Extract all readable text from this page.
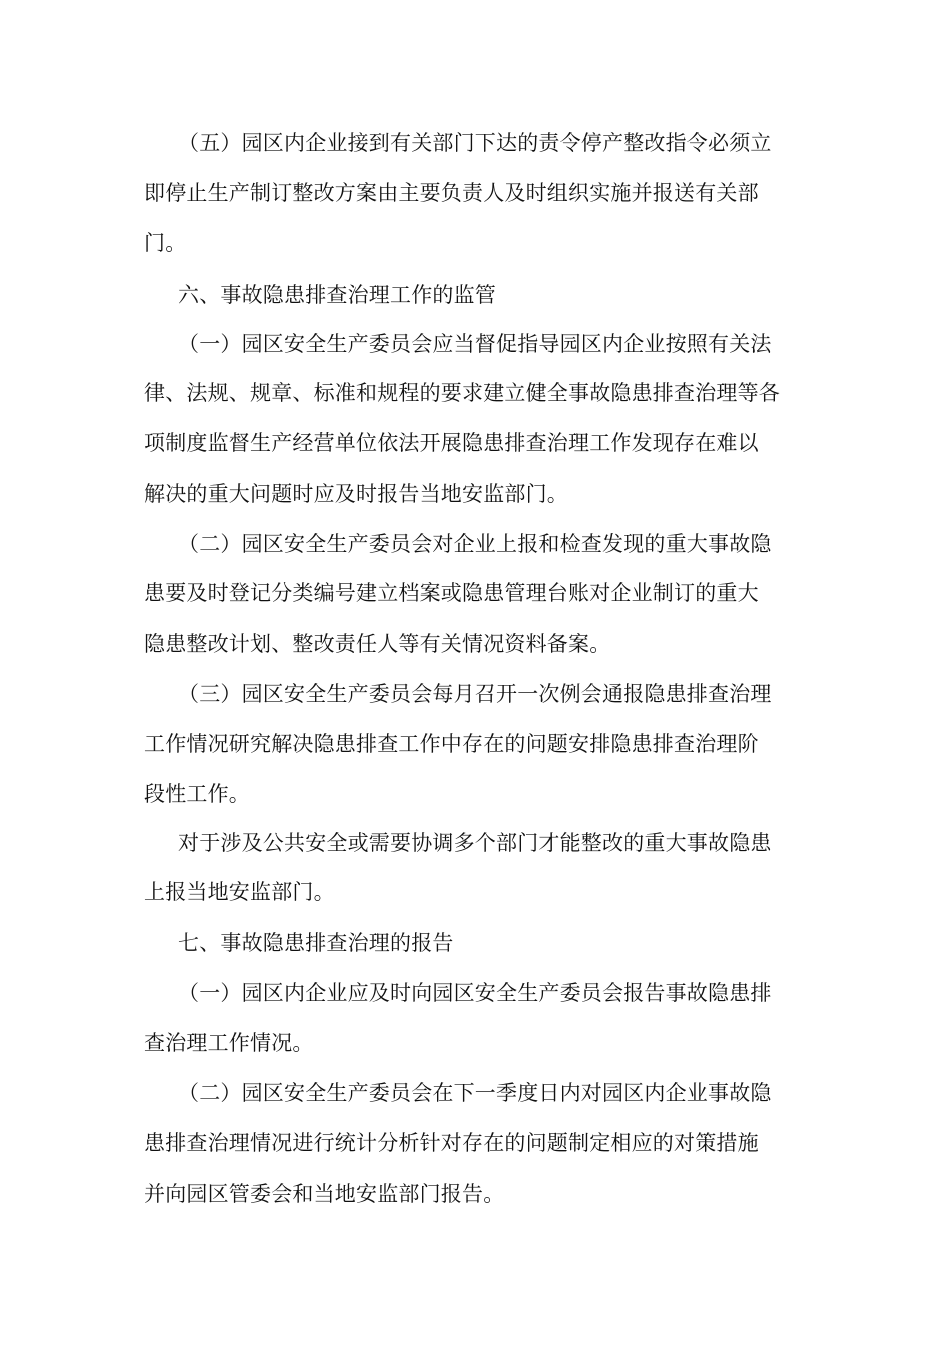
（五）园区内企业接到有关部门下达的责令停产整改指令必须立
即停止生产制订整改方案由主要负责人及时组织实施并报送有关部
门。
六、事故隐患排查治理工作的监管
（一）园区安全生产委员会应当督促指导园区内企业按照有关法
律、法规、规章、标准和规程的要求建立健全事故隐患排查治理等各
项制度监督生产经营单位依法开展隐患排查治理工作发现存在难以
解决的重大问题时应及时报告当地安监部门。
（二）园区安全生产委员会对企业上报和检查发现的重大事故隐
患要及时登记分类编号建立档案或隐患管理台账对企业制订的重大
隐患整改计划、整改责任人等有关情况资料备案。
（三）园区安全生产委员会每月召开一次例会通报隐患排查治理
工作情况研究解决隐患排查工作中存在的问题安排隐患排查治理阶
段性工作。
对于涉及公共安全或需要协调多个部门才能整改的重大事故隐患
上报当地安监部门。
七、事故隐患排查治理的报告
（一）园区内企业应及时向园区安全生产委员会报告事故隐患排
查治理工作情况。
（二）园区安全生产委员会在下一季度日内对园区内企业事故隐
患排查治理情况进行统计分析针对存在的问题制定相应的对策措施
并向园区管委会和当地安监部门报告。
